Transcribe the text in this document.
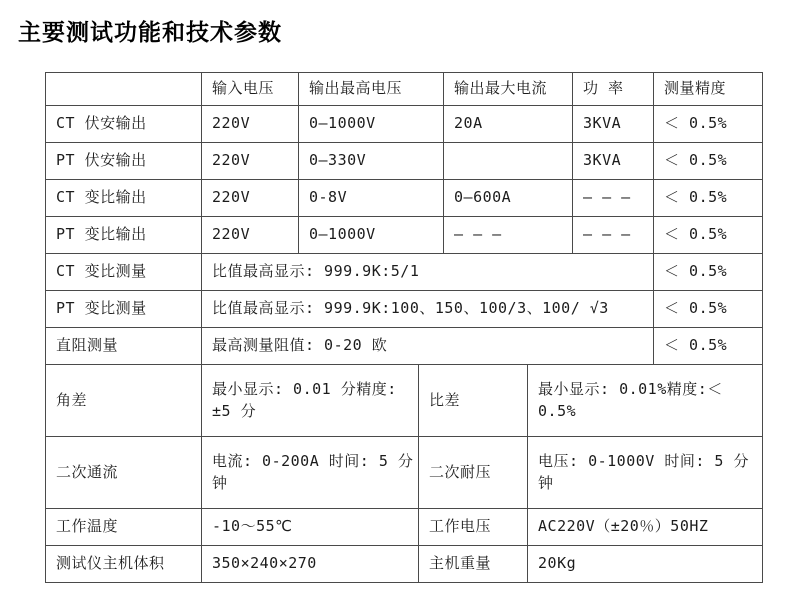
主要测试功能和技术参数
	输入电压	输出最高电压		输出最大电流		功 率	测量精度
CT 伏安输出	220V	0—1000V		20A		3KVA	＜ 0.5%
PT 伏安输出	220V	0—330V				3KVA	＜ 0.5%
CT 变比输出	220V	0-8V		0—600A		— — —	＜ 0.5%
PT 变比输出	220V	0—1000V		— — —		— — —	＜ 0.5%
CT 变比测量	比值最高显示: 999.9K:5/1						＜ 0.5%
PT 变比测量	比值最高显示: 999.9K:100、150、100/3、100/ √3						＜ 0.5%
直阻测量	最高测量阻值: 0-20 欧						＜ 0.5%
角差	最小显示: 0.01 分精度: ±5 分		比差		最小显示: 0.01%精度:＜0.5%		
二次通流	电流: 0-200A 时间: 5 分钟		二次耐压		电压: 0-1000V 时间: 5 分钟		
工作温度	-10～55℃		工作电压		AC220V（±20％）50HZ		
测试仪主机体积	350×240×270		主机重量		20Kg		
